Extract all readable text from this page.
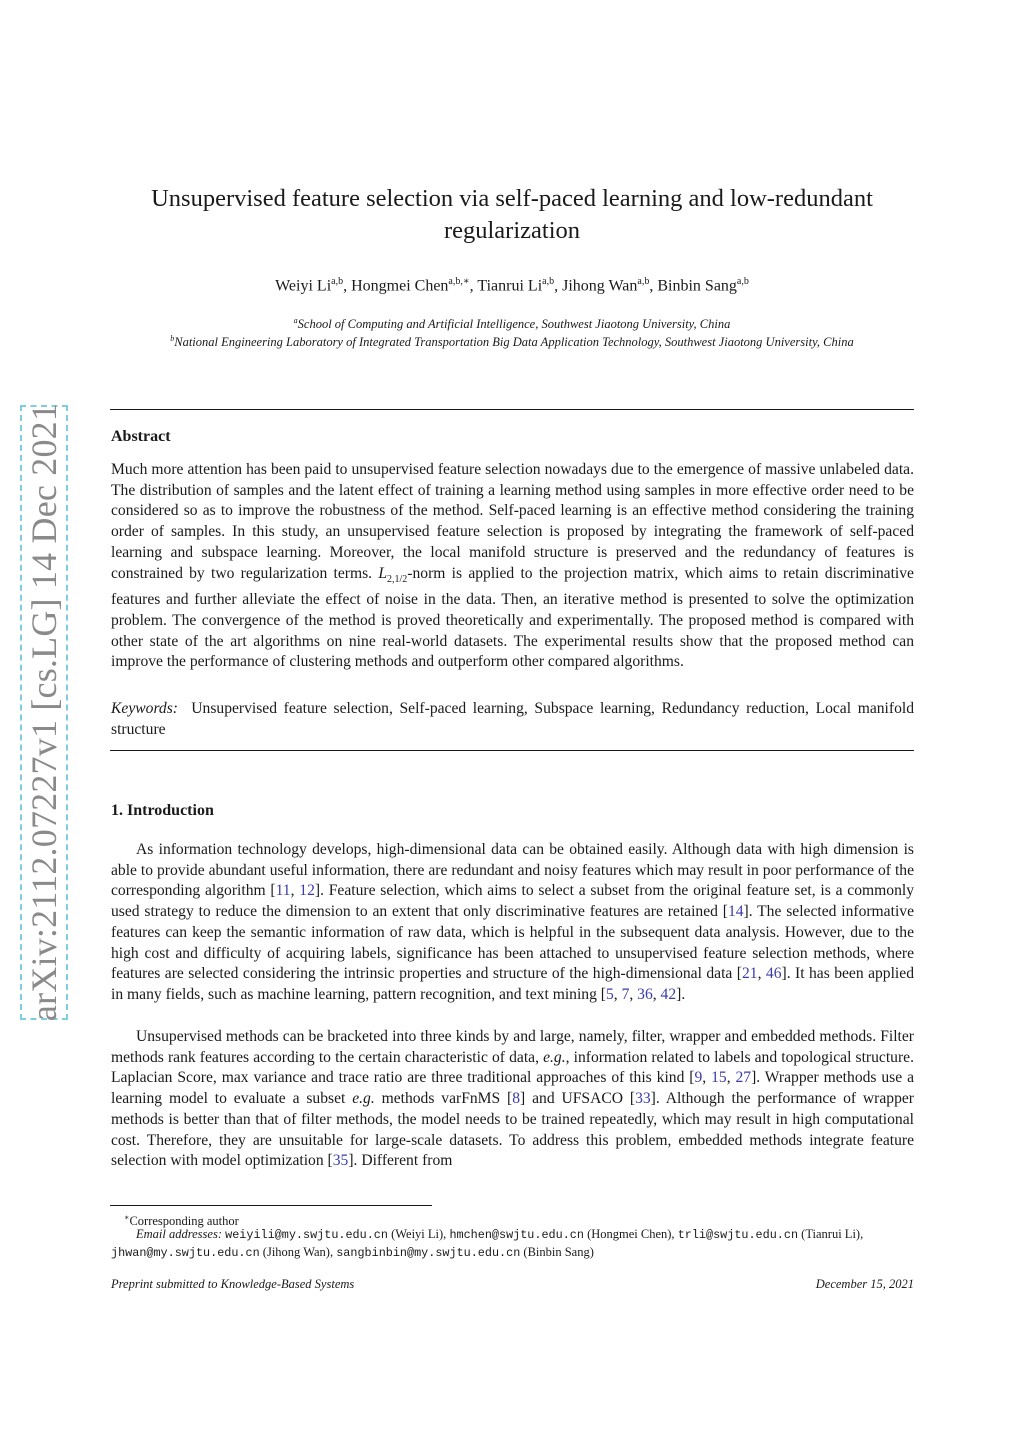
arXiv:2112.07227v1 [cs.LG] 14 Dec 2021
Unsupervised feature selection via self-paced learning and low-redundant
regularization
Weiyi Li$^{a,b}$, Hongmei Chen$^{a,b,∗}$, Tianrui Li$^{a,b}$, Jihong Wan$^{a,b}$, Binbin Sang$^{a,b}$
$^a$School of Computing and Artificial Intelligence, Southwest Jiaotong University, China
$^b$National Engineering Laboratory of Integrated Transportation Big Data Application Technology, Southwest Jiaotong University, China
Abstract

Much more attention has been paid to unsupervised feature selection nowadays due to the emergence of massive unlabeled data. The distribution of samples and the latent effect of training a learning method using samples in more effective order need to be considered so as to improve the robustness of the method. Self-paced learning is an effective method considering the training order of samples. In this study, an unsupervised feature selection is proposed by integrating the framework of self-paced learning and subspace learning. Moreover, the local manifold structure is preserved and the redundancy of features is constrained by two regularization terms. $L_{2,1/2}$-norm is applied to the projection matrix, which aims to retain discriminative features and further alleviate the effect of noise in the data. Then, an iterative method is presented to solve the optimization problem. The convergence of the method is proved theoretically and experimentally. The proposed method is compared with other state of the art algorithms on nine real-world datasets. The experimental results show that the proposed method can improve the performance of clustering methods and outperform other compared algorithms.

Keywords: Unsupervised feature selection, Self-paced learning, Subspace learning, Redundancy reduction, Local manifold structure

1. Introduction

As information technology develops, high-dimensional data can be obtained easily. Although data with high dimension is able to provide abundant useful information, there are redundant and noisy features which may result in poor performance of the corresponding algorithm [11, 12]. Feature selection, which aims to select a subset from the original feature set, is a commonly used strategy to reduce the dimension to an extent that only discriminative features are retained [14]. The selected informative features can keep the semantic information of raw data, which is helpful in the subsequent data analysis. However, due to the high cost and difficulty of acquiring labels, significance has been attached to unsupervised feature selection methods, where features are selected considering the intrinsic properties and structure of the high-dimensional data [21, 46]. It has been applied in many fields, such as machine learning, pattern recognition, and text mining [5, 7, 36, 42].

Unsupervised methods can be bracketed into three kinds by and large, namely, filter, wrapper and embedded methods. Filter methods rank features according to the certain characteristic of data, e.g., information related to labels and topological structure. Laplacian Score, max variance and trace ratio are three traditional approaches of this kind [9, 15, 27]. Wrapper methods use a learning model to evaluate a subset e.g. methods varFnMS [8] and UFSACO [33]. Although the performance of wrapper methods is better than that of filter methods, the model needs to be trained repeatedly, which may result in high computational cost. Therefore, they are unsuitable for large-scale datasets. To address this problem, embedded methods integrate feature selection with model optimization [35]. Different from

∗Corresponding author

Email addresses: weiyili@my.swjtu.edu.cn (Weiyi Li), hmchen@swjtu.edu.cn (Hongmei Chen), trli@swjtu.edu.cn (Tianrui Li), jhwan@my.swjtu.edu.cn (Jihong Wan), sangbinbin@my.swjtu.edu.cn (Binbin Sang)

Preprint submitted to Knowledge-Based Systems	December 15, 2021
